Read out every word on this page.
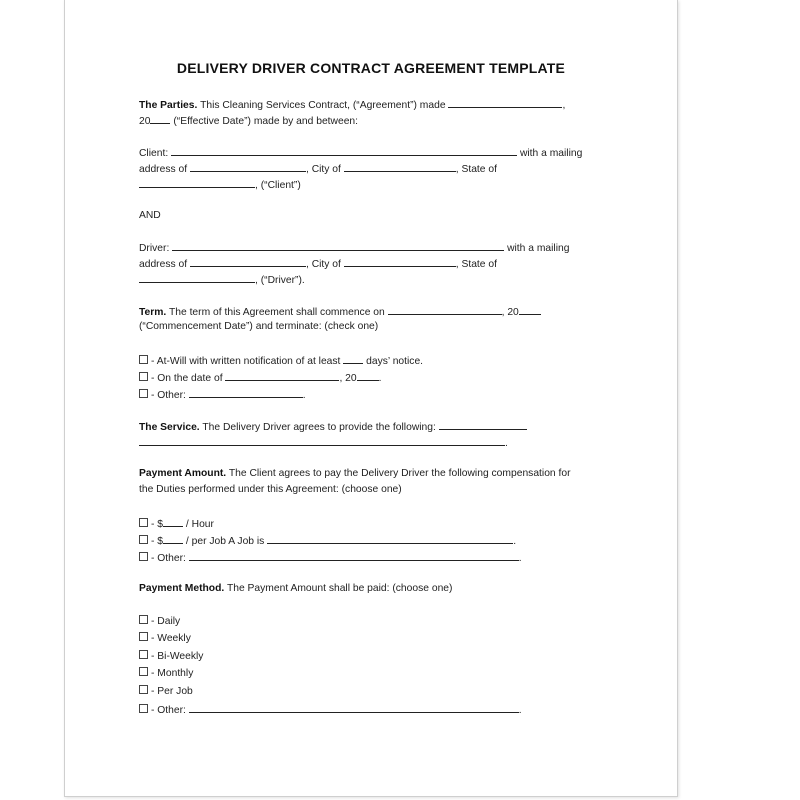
DELIVERY DRIVER CONTRACT AGREEMENT TEMPLATE
The Parties. This Cleaning Services Contract, (“Agreement”) made	,
20 (“Effective Date”) made by and between:
Client:	with a mailing
address of	, City of	, State of
, (“Client”)
AND
Driver:	with a mailing
address of	, City of	, State of
, (“Driver”).
Term. The term of this Agreement shall commence on	, 20
(“Commencement Date”) and terminate: (check one)
- At-Will with written notification of at least	days’ notice.
- On the date of	, 20 .
- Other:	.
The Service. The Delivery Driver agrees to provide the following:
.
Payment Amount. The Client agrees to pay the Delivery Driver the following compensation for
the Duties performed under this Agreement: (choose one)
- $ / Hour
- $ / per Job A Job is	.
- Other:	.
Payment Method. The Payment Amount shall be paid: (choose one)
- Daily
- Weekly
- Bi-Weekly
- Monthly
- Per Job
- Other:	.
